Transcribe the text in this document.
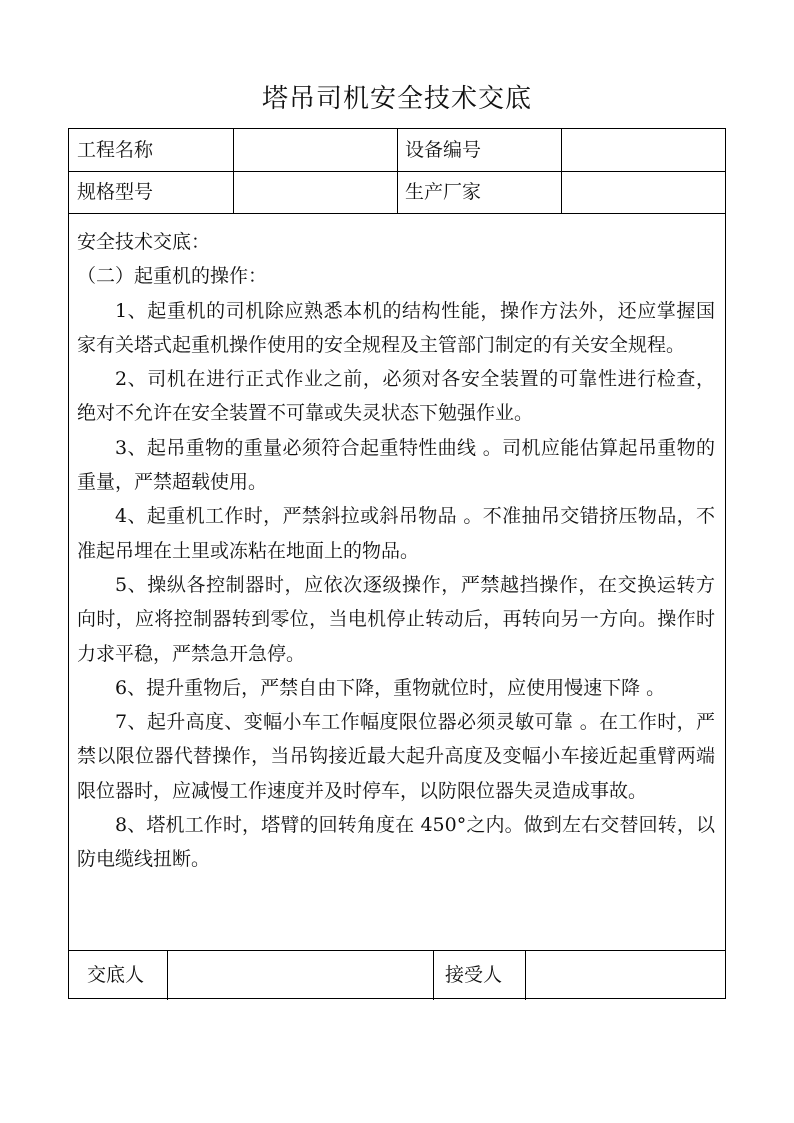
塔吊司机安全技术交底
工程名称	设备编号
规格型号	生产厂家

安全技术交底：

（二）起重机的操作：

1、起重机的司机除应熟悉本机的结构性能，操作方法外，还应掌握国家有关塔式起重机操作使用的安全规程及主管部门制定的有关安全规程。

2、司机在进行正式作业之前，必须对各安全装置的可靠性进行检查，绝对不允许在安全装置不可靠或失灵状态下勉强作业。

3、起吊重物的重量必须符合起重特性曲线 。司机应能估算起吊重物的重量，严禁超载使用。

4、起重机工作时，严禁斜拉或斜吊物品 。不准抽吊交错挤压物品，不准起吊埋在土里或冻粘在地面上的物品。

5、操纵各控制器时，应依次逐级操作，严禁越挡操作，在交换运转方向时，应将控制器转到零位，当电机停止转动后，再转向另一方向。操作时力求平稳，严禁急开急停。

6、提升重物后，严禁自由下降，重物就位时，应使用慢速下降 。

7、起升高度、变幅小车工作幅度限位器必须灵敏可靠 。在工作时，严禁以限位器代替操作，当吊钩接近最大起升高度及变幅小车接近起重臂两端限位器时，应减慢工作速度并及时停车，以防限位器失灵造成事故。

8、塔机工作时，塔臂的回转角度在 450°之内。做到左右交替回转，以防电缆线扭断。

交底人	接受人
